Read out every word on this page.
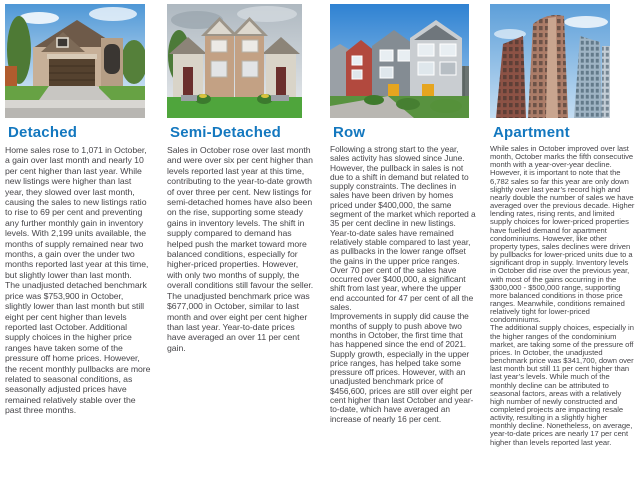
Detached

Home sales rose to 1,071 in October, a gain over last month and nearly 10 per cent higher than last year. While new listings were higher than last year, they slowed over last month, causing the sales to new listings ratio to rise to 69 per cent and preventing any further monthly gain in inventory levels. With 2,199 units available, the months of supply remained near two months, a gain over the under two months reported last year at this time, but slightly lower than last month.

The unadjusted detached benchmark price was $753,900 in October, slightly lower than last month but still eight per cent higher than levels reported last October. Additional supply choices in the higher price ranges have taken some of the pressure off home prices. However, the recent monthly pullbacks are more related to seasonal conditions, as seasonally adjusted prices have remained relatively stable over the past three months.

Semi-Detached

Sales in October rose over last month and were over six per cent higher than levels reported last year at this time, contributing to the year-to-date growth of over three per cent. New listings for semi-detached homes have also been on the rise, supporting some steady gains in inventory levels. The shift in supply compared to demand has helped push the market toward more balanced conditions, especially for higher-priced properties. However, with only two months of supply, the overall conditions still favour the seller.

The unadjusted benchmark price was $677,000 in October, similar to last month and over eight per cent higher than last year. Year-to-date prices have averaged an over 11 per cent gain.

Row

Following a strong start to the year, sales activity has slowed since June. However, the pullback in sales is not due to a shift in demand but related to supply constraints. The declines in sales have been driven by homes priced under $400,000, the same segment of the market which reported a 35 per cent decline in new listings. Year-to-date sales have remained relatively stable compared to last year, as pullbacks in the lower range offset the gains in the upper price ranges. Over 70 per cent of the sales have occurred over $400,000, a significant shift from last year, where the upper end accounted for 47 per cent of all the sales.

Improvements in supply did cause the months of supply to push above two months in October, the first time that has happened since the end of 2021. Supply growth, especially in the upper price ranges, has helped take some pressure off prices. However, with an unadjusted benchmark price of $456,600, prices are still over eight per cent higher than last October and year-to-date, which have averaged an increase of nearly 16 per cent.

Apartment

While sales in October improved over last month, October marks the fifth consecutive month with a year-over-year decline. However, it is important to note that the 6,782 sales so far this year are only down slightly over last year’s record high and nearly double the number of sales we have averaged over the previous decade. Higher lending rates, rising rents, and limited supply choices for lower-priced properties have fuelled demand for apartment condominiums. However, like other property types, sales declines were driven by pullbacks for lower-priced units due to a significant drop in supply. Inventory levels in October did rise over the previous year, with most of the gains occurring in the $300,000 - $500,000 range, supporting more balanced conditions in those price ranges. Meanwhile, conditions remained relatively tight for lower-priced condominiums.

The additional supply choices, especially in the higher ranges of the condominium market, are taking some of the pressure off prices. In October, the unadjusted benchmark price was $341,700, down over last month but still 11 per cent higher than last year’s levels. While much of the monthly decline can be attributed to seasonal factors, areas with a relatively high number of newly constructed and completed projects are impacting resale activity, resulting in a slightly higher monthly decline. Nonetheless, on average, year-to-date prices are nearly 17 per cent higher than levels reported last year.
